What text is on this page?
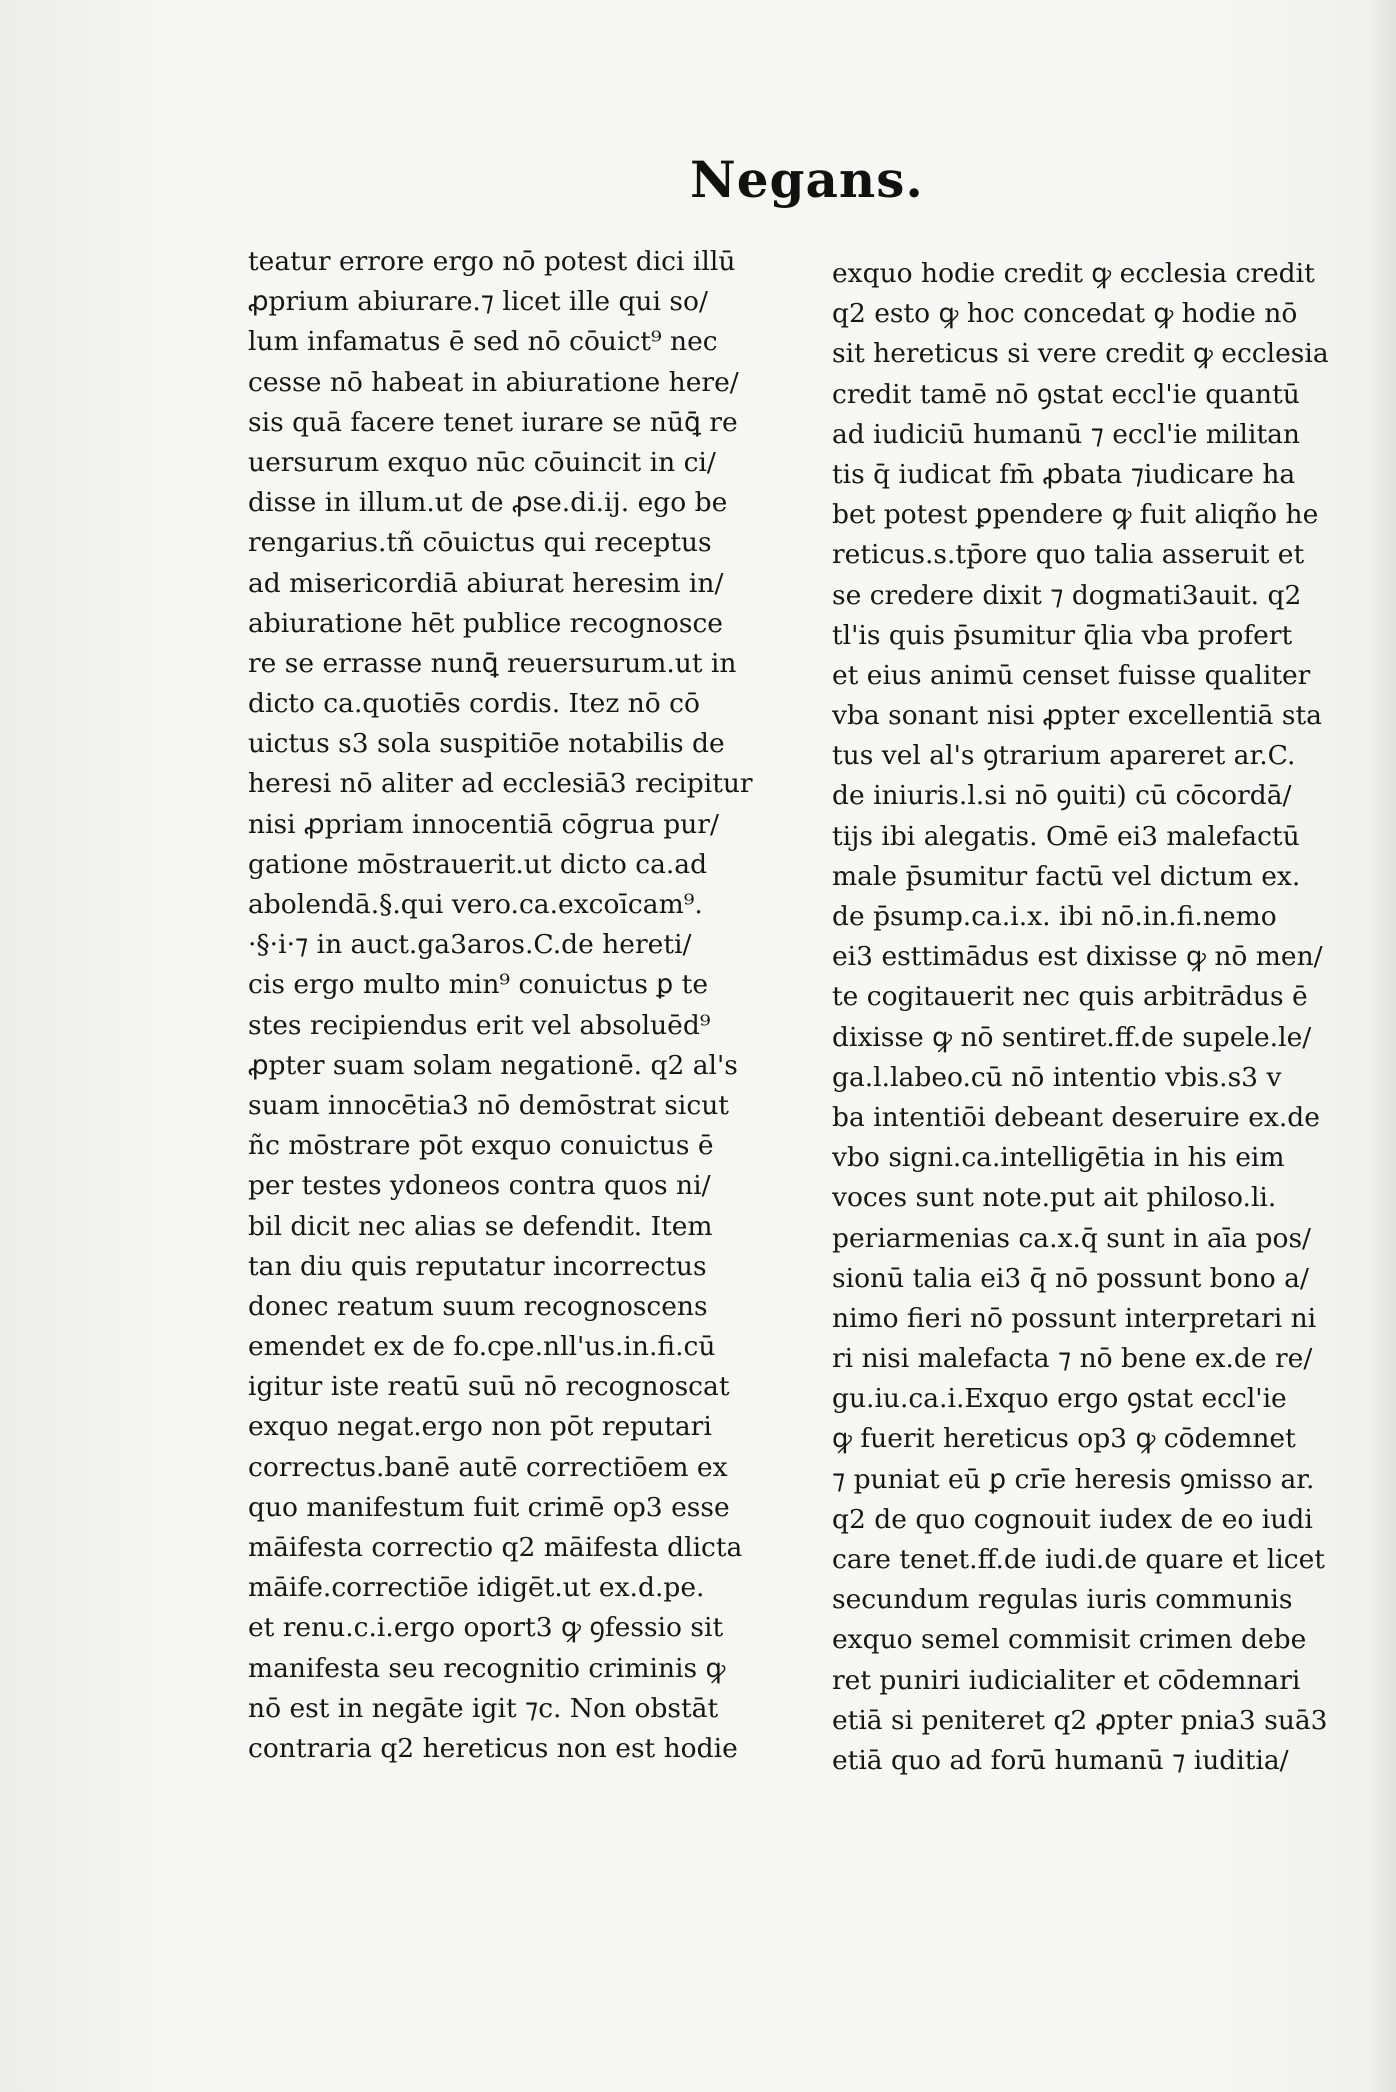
Negans.
teatur errore ergo nō potest dici illū
ꝓprium abiurare.⁊ licet ille qui so/
lum infamatus ē sed nō cōuict⁹ nec
cesse nō habeat in abiuratione here/
sis quā facere tenet iurare se nūꝗ̄ re
uersurum exquo nūc cōuincit in ci/
disse in illum.ut de ꝓse.di.ij. ego be
rengarius.tñ cōuictus qui receptus
ad misericordiā abiurat heresim in/
abiuratione hēt publice recognosce
re se errasse nunꝗ̄ reuersurum.ut in
dicto ca.quotiēs cordis. Itez nō cō
uictus s3 sola suspitiōe notabilis de
heresi nō aliter ad ecclesiā3 recipitur
nisi ꝓpriam innocentiā cōgrua pur/
gatione mōstrauerit.ut dicto ca.ad
abolendā.§.qui vero.ca.excoīcam⁹.
·§·i·⁊ in auct.ga3aros.C.de hereti/
cis ergo multo min⁹ conuictus ꝑ te
stes recipiendus erit vel absoluēd⁹
ꝓpter suam solam negationē. q2 al's
suam innocētia3 nō demōstrat sicut
ñc mōstrare pōt exquo conuictus ē
per testes ydoneos contra quos ni/
bil dicit nec alias se defendit. Item
tan diu quis reputatur incorrectus
donec reatum suum recognoscens
emendet ex de fo.cpe.nll'us.in.fi.cū
igitur iste reatū suū nō recognoscat
exquo negat.ergo non pōt reputari
correctus.banē autē correctiōem ex
quo manifestum fuit crimē op3 esse
māifesta correctio q2 māifesta dlicta
māife.correctiōe idigēt.ut ex.d.pe.
et renu.c.i.ergo oport3 ꝙ ꝯfessio sit
manifesta seu recognitio criminis ꝙ
nō est in negāte igit ⁊c. Non obstāt
contraria q2 hereticus non est hodie
exquo hodie credit ꝙ ecclesia credit
q2 esto ꝙ hoc concedat ꝙ hodie nō
sit hereticus si vere credit ꝙ ecclesia
credit tamē nō ꝯstat eccl'ie quantū
ad iudiciū humanū ⁊ eccl'ie militan
tis q̄ iudicat fm̄ ꝓbata ⁊iudicare ha
bet potest ꝑpendere ꝙ fuit aliqño he
reticus.s.tp̄ore quo talia asseruit et
se credere dixit ⁊ dogmati3auit. q2
tl'is quis p̄sumitur q̄lia vba profert
et eius animū censet fuisse qualiter
vba sonant nisi ꝓpter excellentiā sta
tus vel al's ꝯtrarium apareret ar.C.
de iniuris.l.si nō ꝯuiti) cū cōcordā/
tijs ibi alegatis. Omē ei3 malefactū
male p̄sumitur factū vel dictum ex.
de p̄sump.ca.i.x. ibi nō.in.fi.nemo
ei3 esttimādus est dixisse ꝙ nō men/
te cogitauerit nec quis arbitrādus ē
dixisse ꝙ nō sentiret.ff.de supele.le/
ga.l.labeo.cū nō intentio vbis.s3 v
ba intentiōi debeant deseruire ex.de
vbo signi.ca.intelligētia in his eim
voces sunt note.put ait philoso.li.
periarmenias ca.x.q̄ sunt in aīa pos/
sionū talia ei3 q̄ nō possunt bono a/
nimo fieri nō possunt interpretari ni
ri nisi malefacta ⁊ nō bene ex.de re/
gu.iu.ca.i.Exquo ergo ꝯstat eccl'ie
ꝙ fuerit hereticus op3 ꝙ cōdemnet
⁊ puniat eū ꝑ crīe heresis ꝯmisso ar.
q2 de quo cognouit iudex de eo iudi
care tenet.ff.de iudi.de quare et licet
secundum regulas iuris communis
exquo semel commisit crimen debe
ret puniri iudicialiter et cōdemnari
etiā si peniteret q2 ꝓpter pnia3 suā3
etiā quo ad forū humanū ⁊ iuditia/
